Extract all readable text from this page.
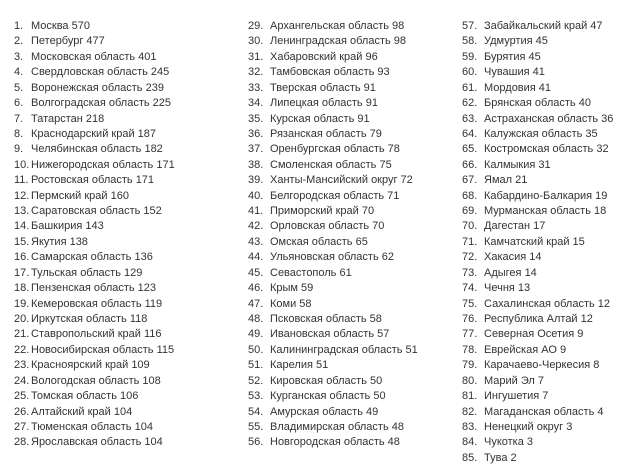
1. Москва 570
2. Петербург 477
3. Московская область 401
4. Свердловская область 245
5. Воронежская область 239
6. Волгоградская область 225
7. Татарстан 218
8. Краснодарский край 187
9. Челябинская область 182
10. Нижегородская область 171
11. Ростовская область 171
12. Пермский край 160
13. Саратовская область 152
14. Башкирия 143
15. Якутия 138
16. Самарская область 136
17. Тульская область 129
18. Пензенская область 123
19. Кемеровская область 119
20. Иркутская область 118
21. Ставропольский край 116
22. Новосибирская область 115
23. Красноярский край 109
24. Вологодская область 108
25. Томская область 106
26. Алтайский край 104
27. Тюменская область 104
28. Ярославская область 104
29. Архангельская область 98
30. Ленинградская область 98
31. Хабаровский край 96
32. Тамбовская область 93
33. Тверская область 91
34. Липецкая область 91
35. Курская область 91
36. Рязанская область 79
37. Оренбургская область 78
38. Смоленская область 75
39. Ханты-Мансийский округ 72
40. Белгородская область 71
41. Приморский край 70
42. Орловская область 70
43. Омская область 65
44. Ульяновская область 62
45. Севастополь 61
46. Крым 59
47. Коми 58
48. Псковская область 58
49. Ивановская область 57
50. Калининградская область 51
51. Карелия 51
52. Кировская область 50
53. Курганская область 50
54. Амурская область 49
55. Владимирская область 48
56. Новгородская область 48
57. Забайкальский край 47
58. Удмуртия 45
59. Бурятия 45
60. Чувашия 41
61. Мордовия 41
62. Брянская область 40
63. Астраханская область 36
64. Калужская область 35
65. Костромская область 32
66. Калмыкия 31
67. Ямал 21
68. Кабардино-Балкария 19
69. Мурманская область 18
70. Дагестан 17
71. Камчатский край 15
72. Хакасия 14
73. Адыгея 14
74. Чечня 13
75. Сахалинская область 12
76. Республика Алтай 12
77. Северная Осетия 9
78. Еврейская АО 9
79. Карачаево-Черкесия 8
80. Марий Эл 7
81. Ингушетия 7
82. Магаданская область 4
83. Ненецкий округ 3
84. Чукотка 3
85. Тува 2
